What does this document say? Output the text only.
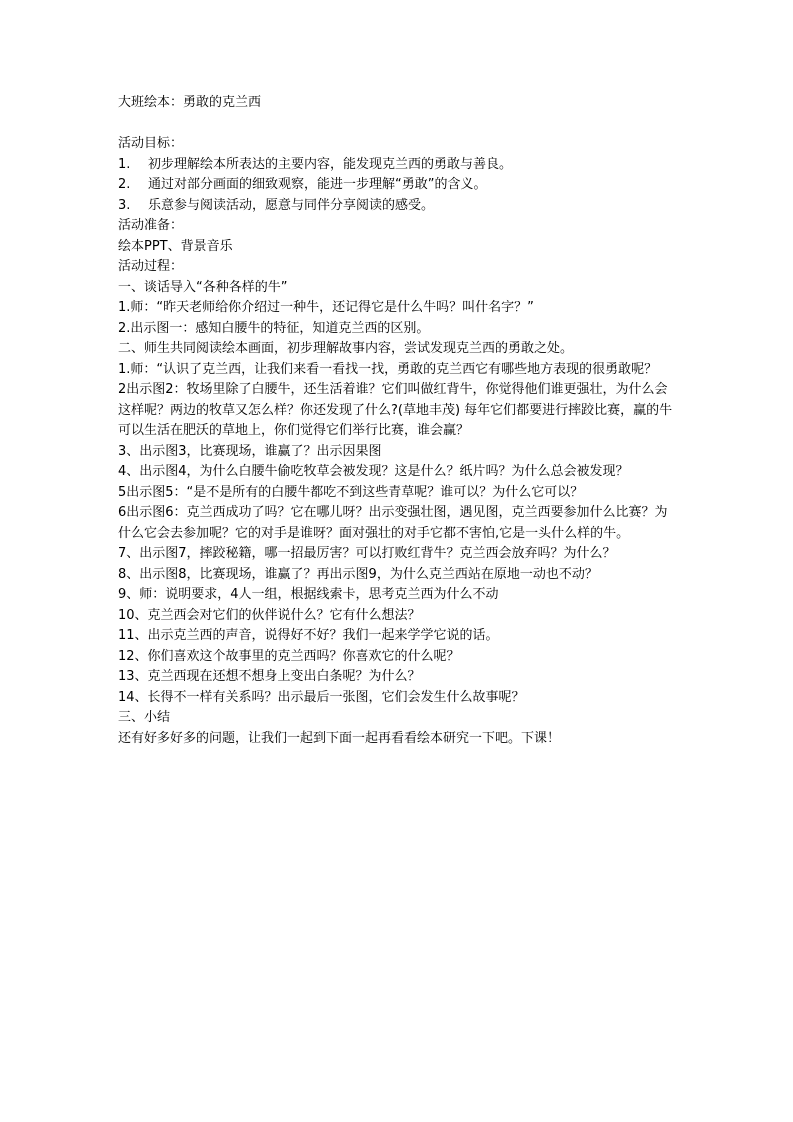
大班绘本：勇敢的克兰西
活动目标：
1.	初步理解绘本所表达的主要内容，能发现克兰西的勇敢与善良。
2.	通过对部分画面的细致观察，能进一步理解“勇敢”的含义。
3.	乐意参与阅读活动，愿意与同伴分享阅读的感受。
活动准备：
绘本PPT、背景音乐
活动过程：
一、谈话导入“各种各样的牛”
1.师：“昨天老师给你介绍过一种牛，还记得它是什么牛吗？叫什名字？”
2.出示图一：感知白腰牛的特征，知道克兰西的区别。
二、师生共同阅读绘本画面，初步理解故事内容，尝试发现克兰西的勇敢之处。
1.师：“认识了克兰西，让我们来看一看找一找，勇敢的克兰西它有哪些地方表现的很勇敢呢？
2出示图2：牧场里除了白腰牛，还生活着谁？它们叫做红背牛，你觉得他们谁更强壮，为什么会这样呢？两边的牧草又怎么样？你还发现了什么?(草地丰茂) 每年它们都要进行摔跤比赛，赢的牛可以生活在肥沃的草地上，你们觉得它们举行比赛，谁会赢？
3、出示图3，比赛现场，谁赢了？出示因果图
4、出示图4，为什么白腰牛偷吃牧草会被发现？这是什么？纸片吗？为什么总会被发现？
5出示图5：“是不是所有的白腰牛都吃不到这些青草呢？谁可以？为什么它可以？
6出示图6：克兰西成功了吗？它在哪儿呀？出示变强壮图，遇见图，克兰西要参加什么比赛？为什么它会去参加呢？它的对手是谁呀？面对强壮的对手它都不害怕,它是一头什么样的牛。
7、出示图7，摔跤秘籍，哪一招最厉害？可以打败红背牛？克兰西会放弃吗？为什么？
8、出示图8，比赛现场，谁赢了？再出示图9，为什么克兰西站在原地一动也不动？
9、师：说明要求，4人一组，根据线索卡，思考克兰西为什么不动
10、克兰西会对它们的伙伴说什么？它有什么想法？
11、出示克兰西的声音，说得好不好？我们一起来学学它说的话。
12、你们喜欢这个故事里的克兰西吗？你喜欢它的什么呢？
13、克兰西现在还想不想身上变出白条呢？为什么？
14、长得不一样有关系吗？出示最后一张图，它们会发生什么故事呢？
三、小结
还有好多好多的问题，让我们一起到下面一起再看看绘本研究一下吧。下课！
